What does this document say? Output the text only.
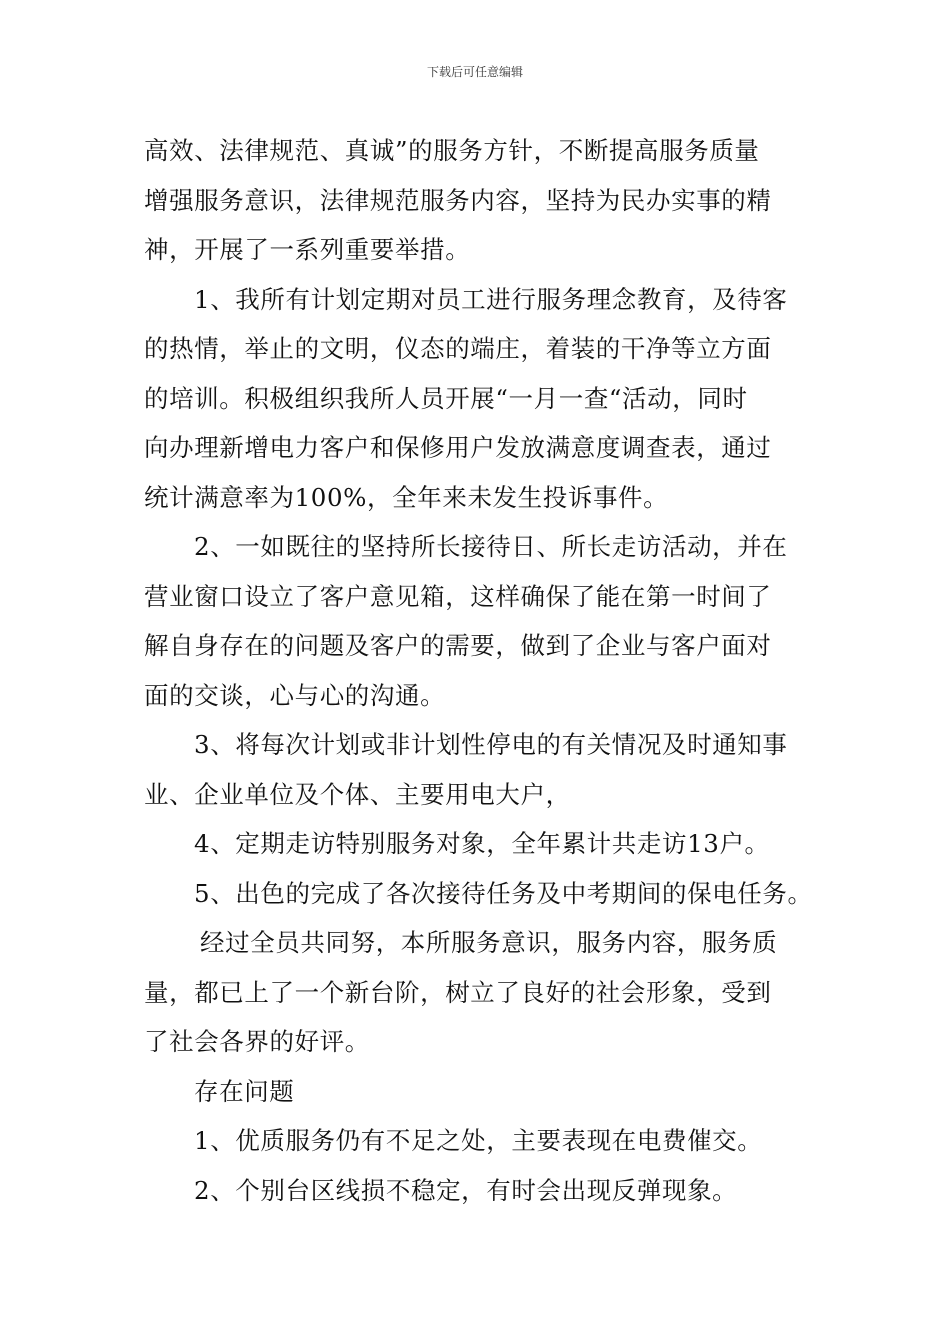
下载后可任意编辑
高效、法律规范、真诚”的服务方针，不断提高服务质量
增强服务意识，法律规范服务内容，坚持为民办实事的精
神，开展了一系列重要举措。
1、我所有计划定期对员工进行服务理念教育，及待客
的热情，举止的文明，仪态的端庄，着装的干净等立方面
的培训。积极组织我所人员开展“一月一查“活动，同时
向办理新增电力客户和保修用户发放满意度调查表，通过
统计满意率为100%，全年来未发生投诉事件。
2、一如既往的坚持所长接待日、所长走访活动，并在
营业窗口设立了客户意见箱，这样确保了能在第一时间了
解自身存在的问题及客户的需要，做到了企业与客户面对
面的交谈，心与心的沟通。
3、将每次计划或非计划性停电的有关情况及时通知事
业、企业单位及个体、主要用电大户，
4、定期走访特别服务对象，全年累计共走访13户。
5、出色的完成了各次接待任务及中考期间的保电任务。
经过全员共同努，本所服务意识，服务内容，服务质
量，都已上了一个新台阶，树立了良好的社会形象，受到
了社会各界的好评。
存在问题
1、优质服务仍有不足之处，主要表现在电费催交。
2、个别台区线损不稳定，有时会出现反弹现象。
